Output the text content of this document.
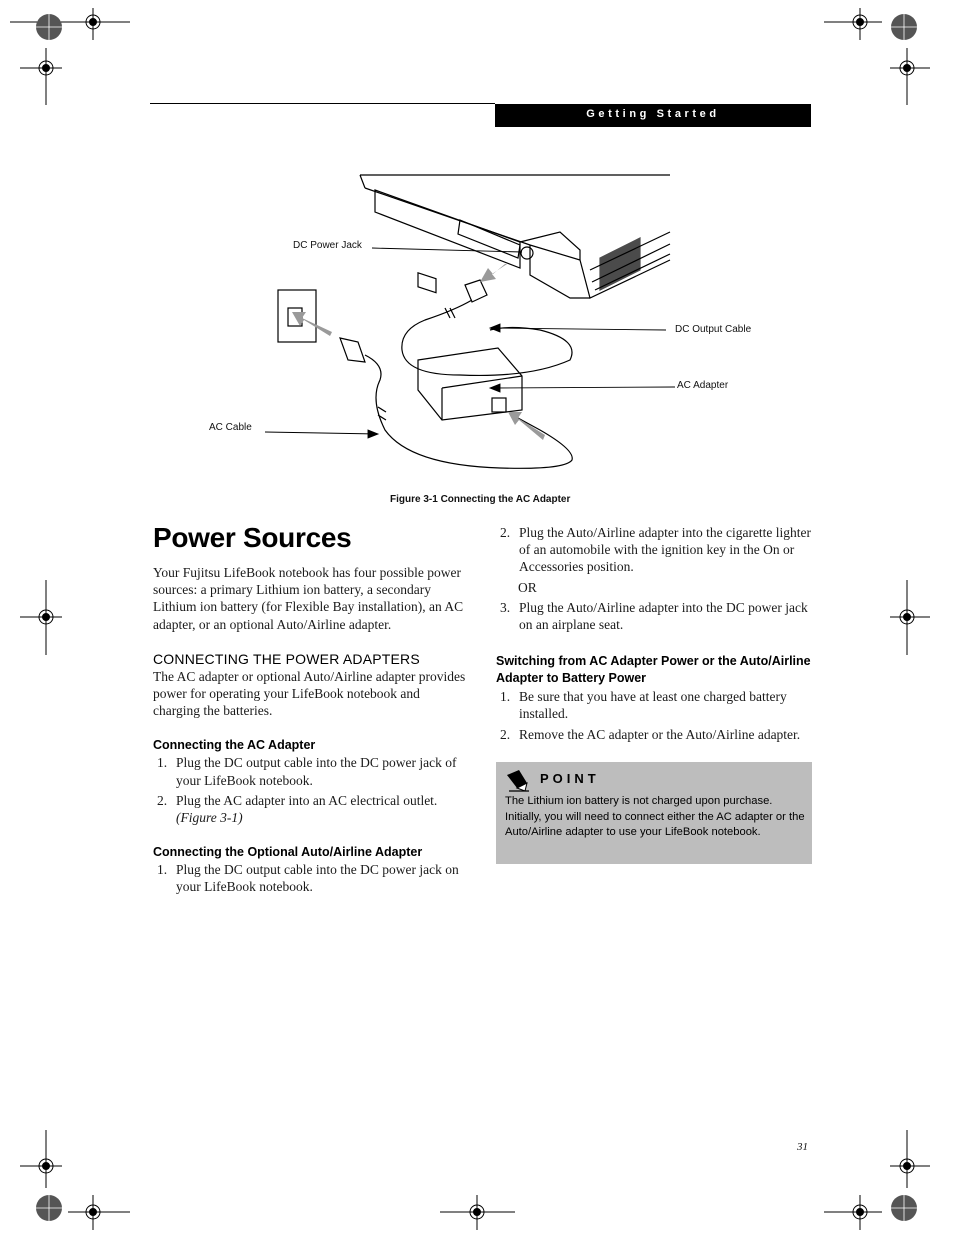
Getting Started
DC Power Jack
DC Output Cable
AC Adapter
AC Cable
Figure 3-1 Connecting the AC Adapter
Power Sources

Your Fujitsu LifeBook notebook has four possible power sources: a primary Lithium ion battery, a secondary Lithium ion battery (for Flexible Bay installation), an AC adapter, or an optional Auto/Airline adapter.

CONNECTING THE POWER ADAPTERS

The AC adapter or optional Auto/Airline adapter provides power for operating your LifeBook notebook and charging the batteries.

Connecting the AC Adapter
1. Plug the DC output cable into the DC power jack of your LifeBook notebook.
2. Plug the AC adapter into an AC electrical outlet.
(Figure 3-1)
Connecting the Optional Auto/Airline Adapter
1. Plug the DC output cable into the DC power jack on your LifeBook notebook.
2. Plug the Auto/Airline adapter into the cigarette lighter of an automobile with the ignition key in the On or Accessories position.
OR
3. Plug the Auto/Airline adapter into the DC power jack on an airplane seat.
Switching from AC Adapter Power or the Auto/Airline Adapter to Battery Power
1. Be sure that you have at least one charged battery installed.
2. Remove the AC adapter or the Auto/Airline adapter.
POINT
The Lithium ion battery is not charged upon purchase. Initially, you will need to connect either the AC adapter or the Auto/Airline adapter to use your LifeBook notebook.
31
